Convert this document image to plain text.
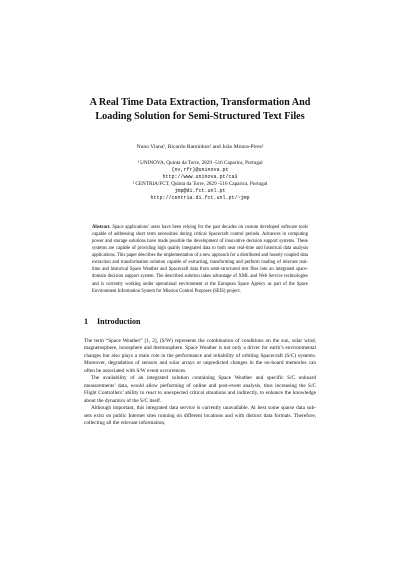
A Real Time Data Extraction, Transformation And
Loading Solution for Semi-Structured Text Files
Nuno Viana¹, Ricardo Raminhos¹ and João Moura-Pires²
¹ UNINOVA, Quinta da Torre, 2829 -516 Caparica, Portugal
{nv,rfr}@uninova.pt
http://www.uninova.pt/ca3
² CENTRIA/FCT, Quinta da Torre, 2829 -516 Caparica, Portugal
jmp@di.fct.unl.pt
http://centria.di.fct.unl.pt/~jmp
Abstract. Space applications' users have been relying for the past decades on custom developed software tools capable of addressing short term necessities during critical Spacecraft control periods. Advances in computing power and storage solutions have made possible the development of innovative decision support systems. These systems are capable of providing high quality integrated data to both near real-time and historical data analysis applications. This paper describes the implementation of a new approach for a distributed and loosely coupled data extraction and transformation solution capable of extracting, transforming and perform loading of relevant real-time and historical Space Weather and Spacecraft data from semi-structured text files into an integrated space-domain decision support system. The described solution takes advantage of XML and Web Service technologies and is currently working under operational environment at the European Space Agency as part of the Space Environment Information System for Mission Control Purposes (SEIS) project.
1 Introduction

The term “Space Weather” [1, 2], (S/W) represents the combination of conditions on the sun, solar wind, magnetosphere, ionosphere and thermosphere. Space Weather is not only a driver for earth’s environmental changes but also plays a main role in the performance and reliability of orbiting Spacecraft (S/C) systems. Moreover, degradation of sensors and solar arrays or unpredicted changes in the on-board memories can often be associated with S/W event occurrences.

The availability of an integrated solution containing Space Weather and specific S/C onboard measurements’ data, would allow performing of online and post-event analysis, thus increasing the S/C Flight Controllers’ ability to react to unexpected critical situations and indirectly, to enhance the knowledge about the dynamics of the S/C itself.

Although important, this integrated data service is currently unavailable. At best some sparse data sub-sets exist on public Internet sites running on different locations and with distinct data formats. Therefore, collecting all the relevant information,
